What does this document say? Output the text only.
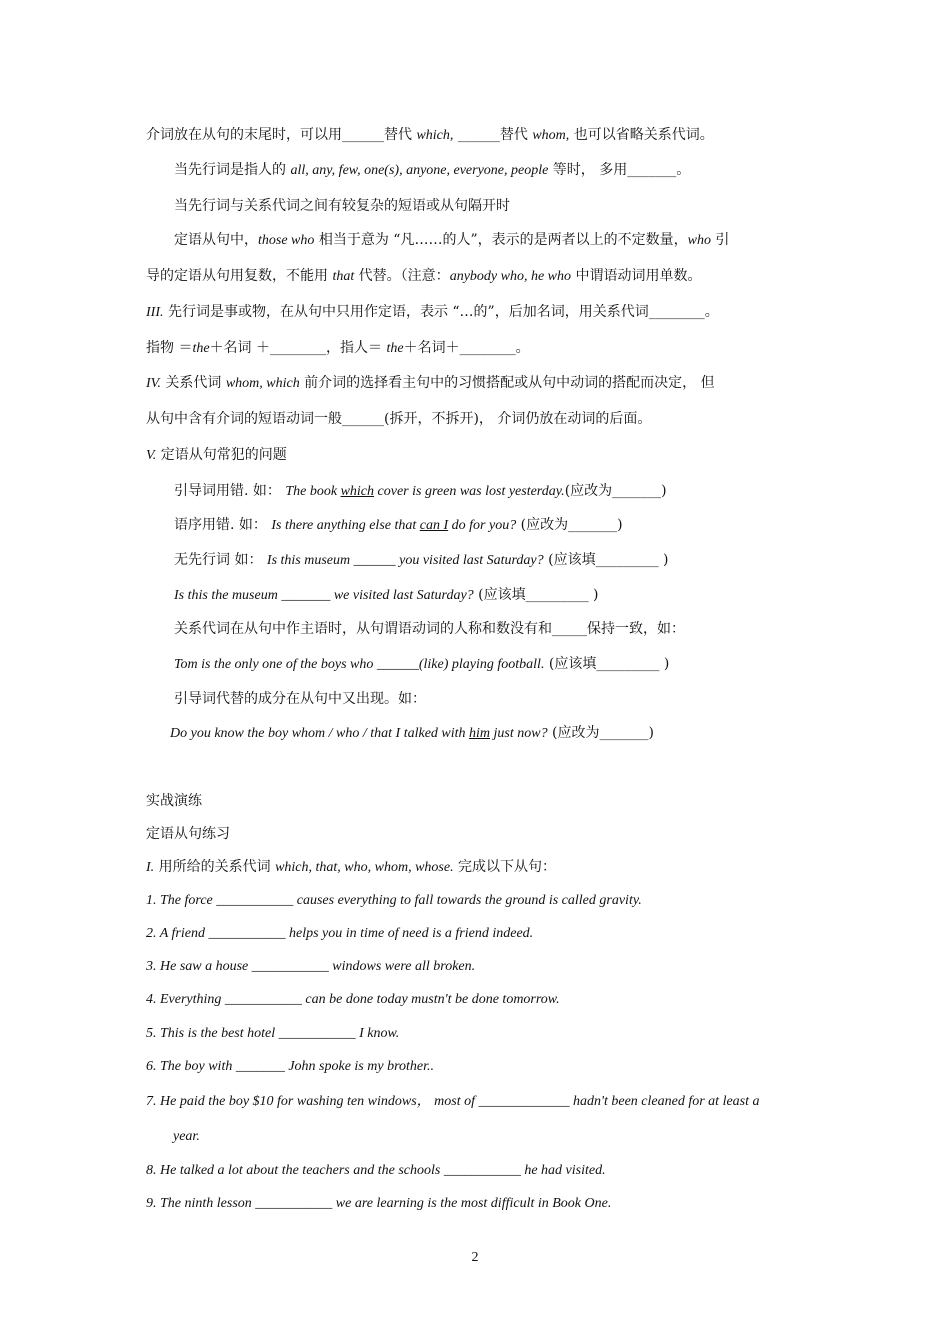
介词放在从句的末尾时，可以用______替代 which, ______替代 whom, 也可以省略关系代词。
当先行词是指人的 all, any, few, one(s), anyone, everyone, people 等时， 多用_______。
当先行词与关系代词之间有较复杂的短语或从句隔开时
定语从句中，those who 相当于意为 “凡……的人”，表示的是两者以上的不定数量，who 引
导的定语从句用复数，不能用 that 代替。（注意：anybody who, he who 中谓语动词用单数。
III. 先行词是事或物，在从句中只用作定语，表示 “…的”，后加名词，用关系代词________。
指物 ＝the＋名词 ＋________，指人＝ the＋名词＋________。
IV. 关系代词 whom, which 前介词的选择看主句中的习惯搭配或从句中动词的搭配而决定， 但
从句中含有介词的短语动词一般______(拆开，不拆开)， 介词仍放在动词的后面。
V. 定语从句常犯的问题
引导词用错. 如： The book which cover is green was lost yesterday.(应改为_______)
语序用错. 如： Is there anything else that can I do for you? (应改为_______)
无先行词 如： Is this museum ______ you visited last Saturday? (应该填_________ )
Is this the museum _______ we visited last Saturday? (应该填_________ )
关系代词在从句中作主语时，从句谓语动词的人称和数没有和_____保持一致，如：
Tom is the only one of the boys who ______(like) playing football. (应该填_________ )
引导词代替的成分在从句中又出现。如：
Do you know the boy whom / who / that I talked with him just now? (应改为_______)
实战演练
定语从句练习
I. 用所给的关系代词 which, that, who, whom, whose. 完成以下从句：
1. The force ___________ causes everything to fall towards the ground is called gravity.
2. A friend ___________ helps you in time of need is a friend indeed.
3. He saw a house ___________ windows were all broken.
4. Everything ___________ can be done today mustn't be done tomorrow.
5. This is the best hotel ___________ I know.
6. The boy with _______ John spoke is my brother..
7. He paid the boy $10 for washing ten windows， most of _____________ hadn't been cleaned for at least a
year.
8. He talked a lot about the teachers and the schools ___________ he had visited.
9. The ninth lesson ___________ we are learning is the most difficult in Book One.
2
